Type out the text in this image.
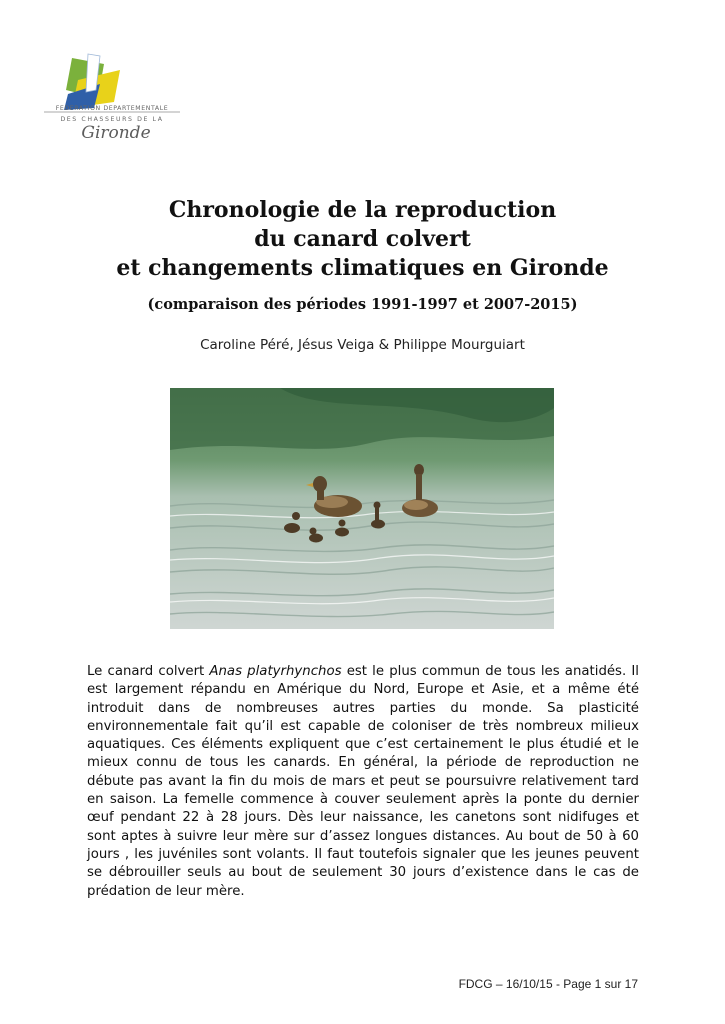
FEDERATION DEPARTEMENTALE
DES CHASSEURS DE LA
Gironde
Chronologie de la reproduction
du canard colvert
et changements climatiques en Gironde
(comparaison des périodes 1991-1997 et 2007-2015)
Caroline Péré, Jésus Veiga & Philippe Mourguiart

Le canard colvert Anas platyrhynchos est le plus commun de tous les anatidés. Il est largement répandu en Amérique du Nord, Europe et Asie, et a même été introduit dans de nombreuses autres parties du monde. Sa plasticité environnementale fait qu’il est capable de coloniser de très nombreux milieux aquatiques. Ces éléments expliquent que c’est certainement le plus étudié et le mieux connu de tous les canards. En général, la période de reproduction ne débute pas avant la fin du mois de mars et peut se poursuivre relativement tard en saison. La femelle commence à couver seulement après la ponte du dernier œuf pendant 22 à 28 jours. Dès leur naissance, les canetons sont nidifuges et sont aptes à suivre leur mère sur d’assez longues distances. Au bout de 50 à 60 jours , les juvéniles sont volants. Il faut toutefois signaler que les jeunes peuvent se débrouiller seuls au bout de seulement 30 jours d’existence dans le cas de prédation de leur mère.

FDCG – 16/10/15 - Page 1 sur 17
